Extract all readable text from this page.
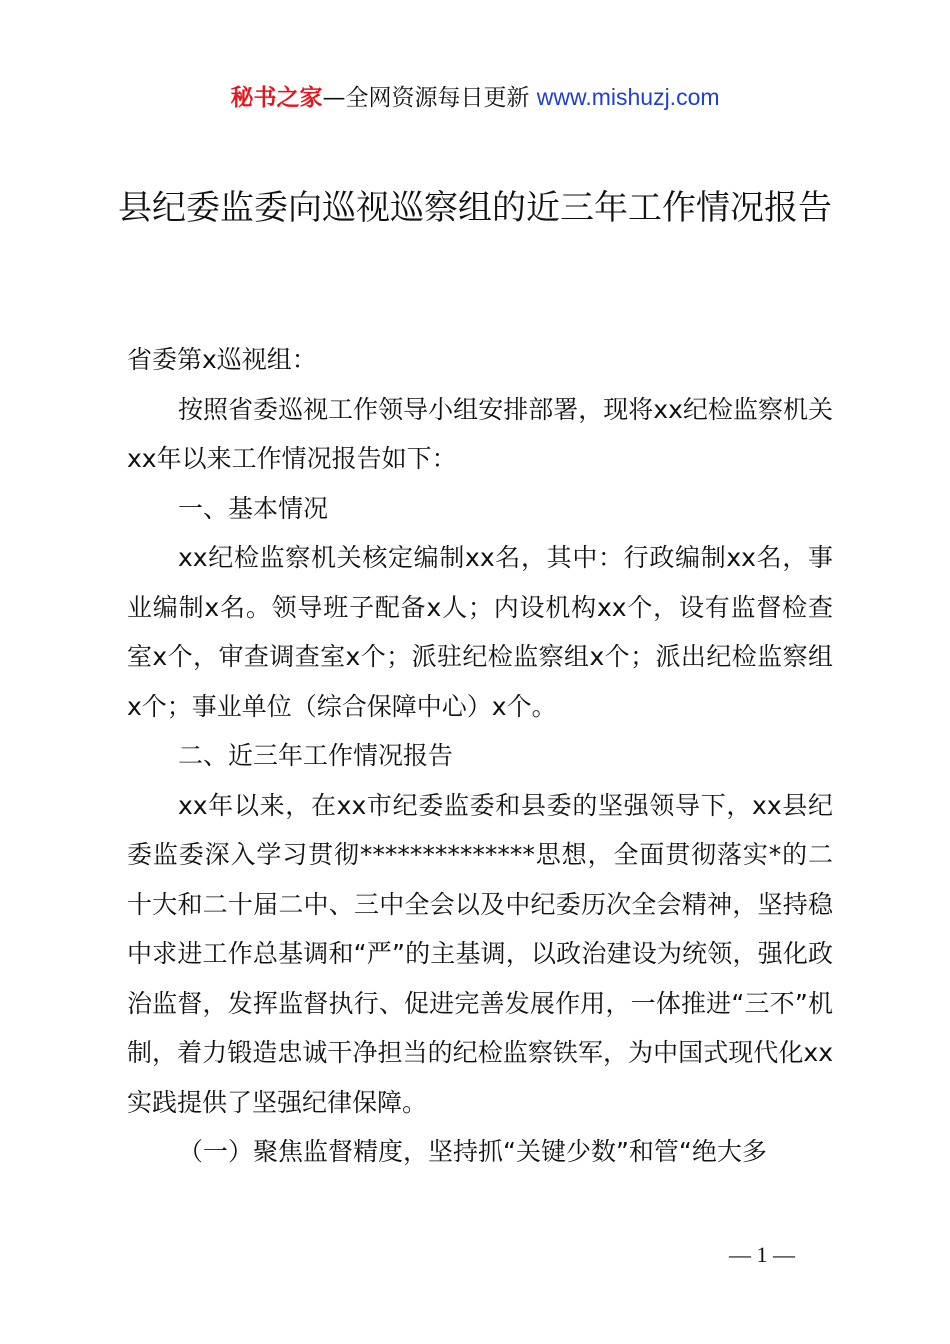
秘书之家—全网资源每日更新 www.mishuzj.com
县纪委监委向巡视巡察组的近三年工作情况报告

省委第x巡视组：

按照省委巡视工作领导小组安排部署，现将xx纪检监察机关xx年以来工作情况报告如下：

一、基本情况

xx纪检监察机关核定编制xx名，其中：行政编制xx名，事业编制x名。领导班子配备x人；内设机构xx个，设有监督检查室x个，审查调查室x个；派驻纪检监察组x个；派出纪检监察组x个；事业单位（综合保障中心）x个。

二、近三年工作情况报告

xx年以来，在xx市纪委监委和县委的坚强领导下，xx县纪委监委深入学习贯彻**************思想，全面贯彻落实*的二十大和二十届二中、三中全会以及中纪委历次全会精神，坚持稳中求进工作总基调和“严”的主基调，以政治建设为统领，强化政治监督，发挥监督执行、促进完善发展作用，一体推进“三不”机制，着力锻造忠诚干净担当的纪检监察铁军，为中国式现代化xx实践提供了坚强纪律保障。

（一）聚焦监督精度，坚持抓“关键少数”和管“绝大多

— 1 —
